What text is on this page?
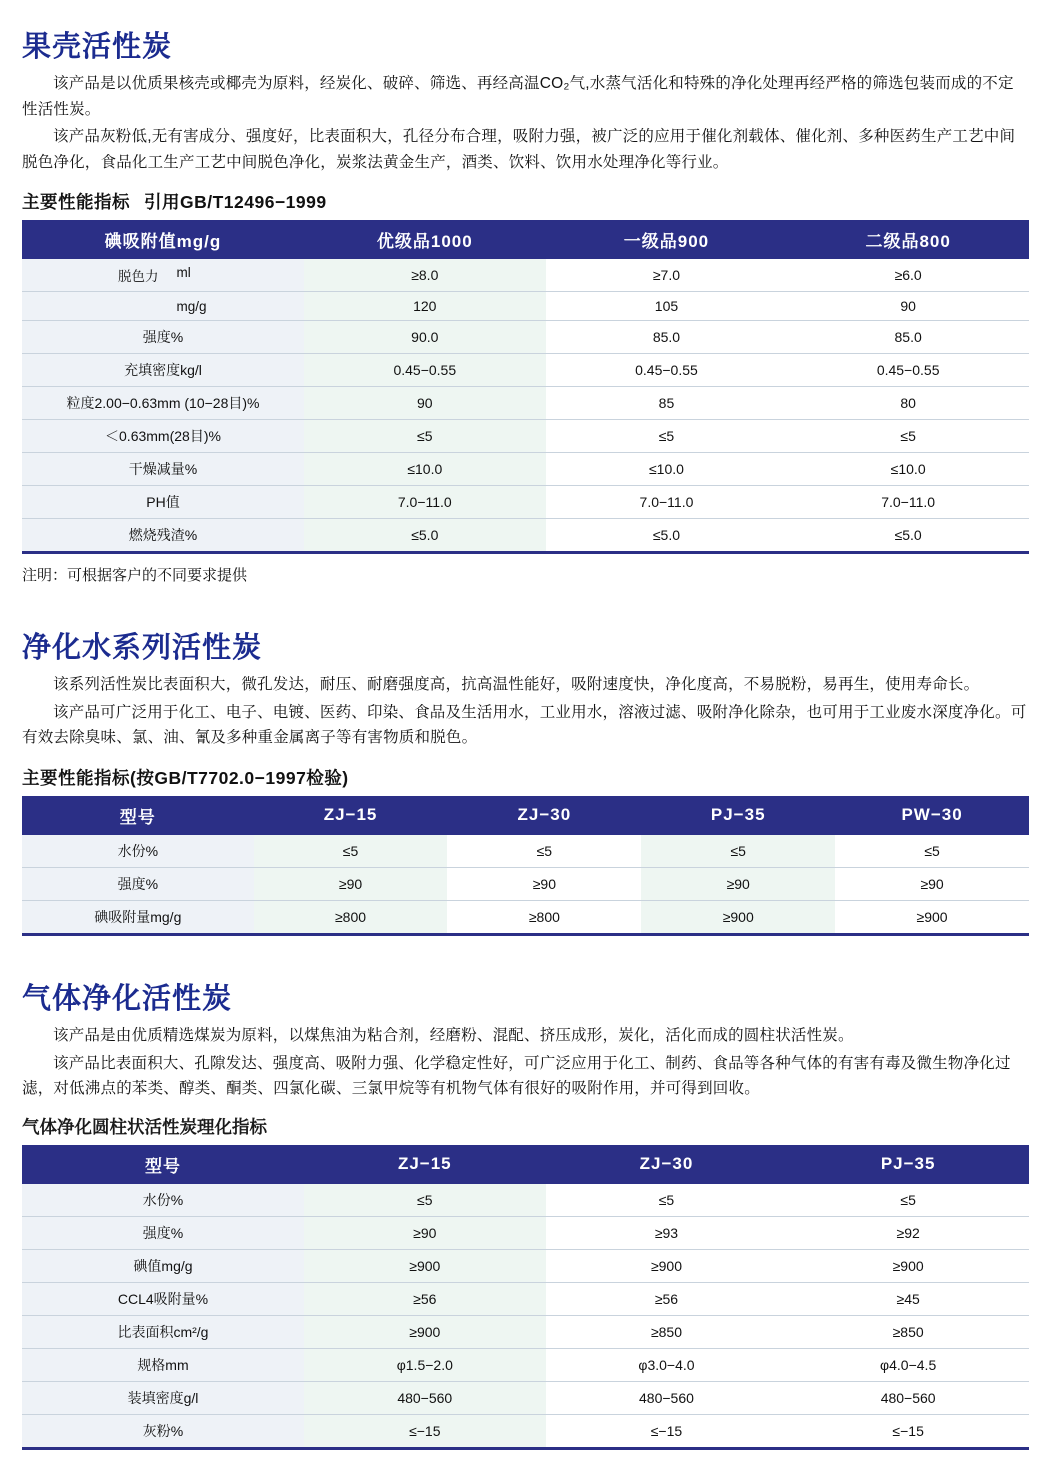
果壳活性炭

该产品是以优质果核壳或椰壳为原料，经炭化、破碎、筛选、再经高温CO₂气,水蒸气活化和特殊的净化处理再经严格的筛选包装而成的不定性活性炭。

该产品灰粉低,无有害成分、强度好，比表面积大，孔径分布合理，吸附力强，被广泛的应用于催化剂载体、催化剂、多种医药生产工艺中间脱色净化，食品化工生产工艺中间脱色净化，炭浆法黄金生产，酒类、饮料、饮用水处理净化等行业。

主要性能指标 引用GB/T12496−1999
碘吸附值mg/g	优级品1000	一级品900	二级品800

脱色力 ml	≥8.0	≥7.0	≥6.0

mg/g	120	105	90
强度%	90.0	85.0	85.0
充填密度kg/l	0.45−0.55	0.45−0.55	0.45−0.55
粒度2.00−0.63mm (10−28目)%	90	85	80
＜0.63mm(28目)%	≤5	≤5	≤5
干燥减量%	≤10.0	≤10.0	≤10.0
PH值	7.0−11.0	7.0−11.0	7.0−11.0
燃烧残渣%	≤5.0	≤5.0	≤5.0

注明：可根据客户的不同要求提供

净化水系列活性炭

该系列活性炭比表面积大，微孔发达，耐压、耐磨强度高，抗高温性能好，吸附速度快，净化度高，不易脱粉，易再生，使用寿命长。

该产品可广泛用于化工、电子、电镀、医药、印染、食品及生活用水，工业用水，溶液过滤、吸附净化除杂，也可用于工业废水深度净化。可有效去除臭味、氯、油、氰及多种重金属离子等有害物质和脱色。

主要性能指标(按GB/T7702.0−1997检验)
型号	ZJ−15	ZJ−30	PJ−35	PW−30
水份%	≤5	≤5	≤5	≤5
强度%	≥90	≥90	≥90	≥90
碘吸附量mg/g	≥800	≥800	≥900	≥900
气体净化活性炭

该产品是由优质精选煤炭为原料，以煤焦油为粘合剂，经磨粉、混配、挤压成形，炭化，活化而成的圆柱状活性炭。

该产品比表面积大、孔隙发达、强度高、吸附力强、化学稳定性好，可广泛应用于化工、制药、食品等各种气体的有害有毒及微生物净化过滤，对低沸点的苯类、醇类、酮类、四氯化碳、三氯甲烷等有机物气体有很好的吸附作用，并可得到回收。

气体净化圆柱状活性炭理化指标
型号	ZJ−15	ZJ−30	PJ−35
水份%	≤5	≤5	≤5
强度%	≥90	≥93	≥92
碘值mg/g	≥900	≥900	≥900
CCL4吸附量%	≥56	≥56	≥45
比表面积cm²/g	≥900	≥850	≥850
规格mm	φ1.5−2.0	φ3.0−4.0	φ4.0−4.5
装填密度g/l	480−560	480−560	480−560
灰粉%	≤−15	≤−15	≤−15
